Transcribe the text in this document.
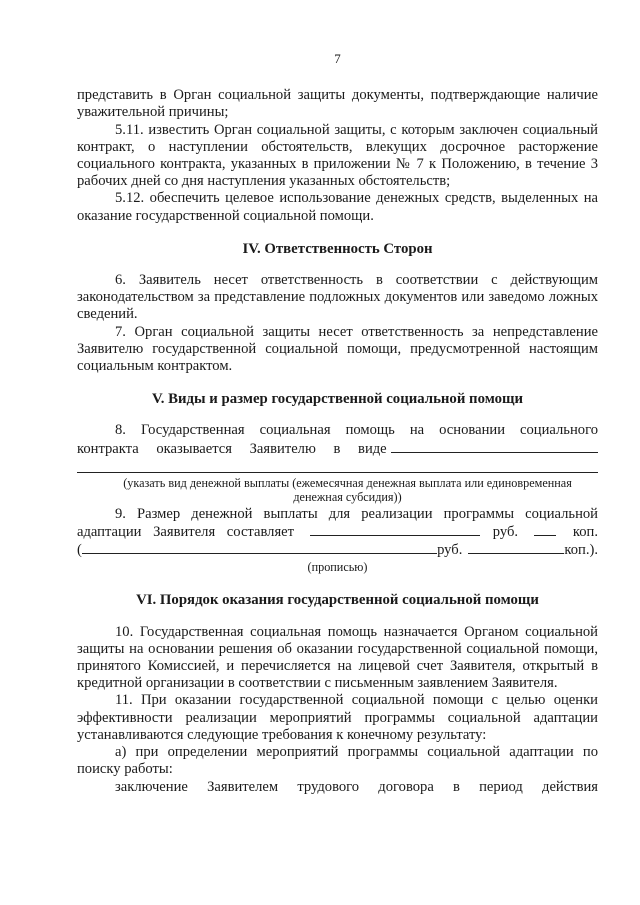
7

представить в Орган социальной защиты документы, подтверждающие наличие уважительной причины;

5.11. известить Орган социальной защиты, с которым заключен социальный контракт, о наступлении обстоятельств, влекущих досрочное расторжение социального контракта, указанных в приложении № 7 к Положению, в течение 3 рабочих дней со дня наступления указанных обстоятельств;

5.12. обеспечить целевое использование денежных средств, выделенных на оказание государственной социальной помощи.

IV. Ответственность Сторон

6. Заявитель несет ответственность в соответствии с действующим законодательством за представление подложных документов или заведомо ложных сведений.

7. Орган социальной защиты несет ответственность за непредставление Заявителю государственной социальной помощи, предусмотренной настоящим социальным контрактом.

V. Виды и размер государственной социальной помощи

8. Государственная социальная помощь на основании социального

контракта оказывается Заявителю в виде
(указать вид денежной выплаты (ежемесячная денежная выплата или единовременная денежная субсидия))

9. Размер денежной выплаты для реализации программы социальной

адаптации Заявителя составляет	руб.	коп.
(	руб.	коп.).
(прописью)
VI. Порядок оказания государственной социальной помощи

10. Государственная социальная помощь назначается Органом социальной защиты на основании решения об оказании государственной социальной помощи, принятого Комиссией, и перечисляется на лицевой счет Заявителя, открытый в кредитной организации в соответствии с письменным заявлением Заявителя.

11. При оказании государственной социальной помощи с целью оценки эффективности реализации мероприятий программы социальной адаптации устанавливаются следующие требования к конечному результату:

а) при определении мероприятий программы социальной адаптации по поиску работы:

заключение Заявителем трудового договора в период действия
